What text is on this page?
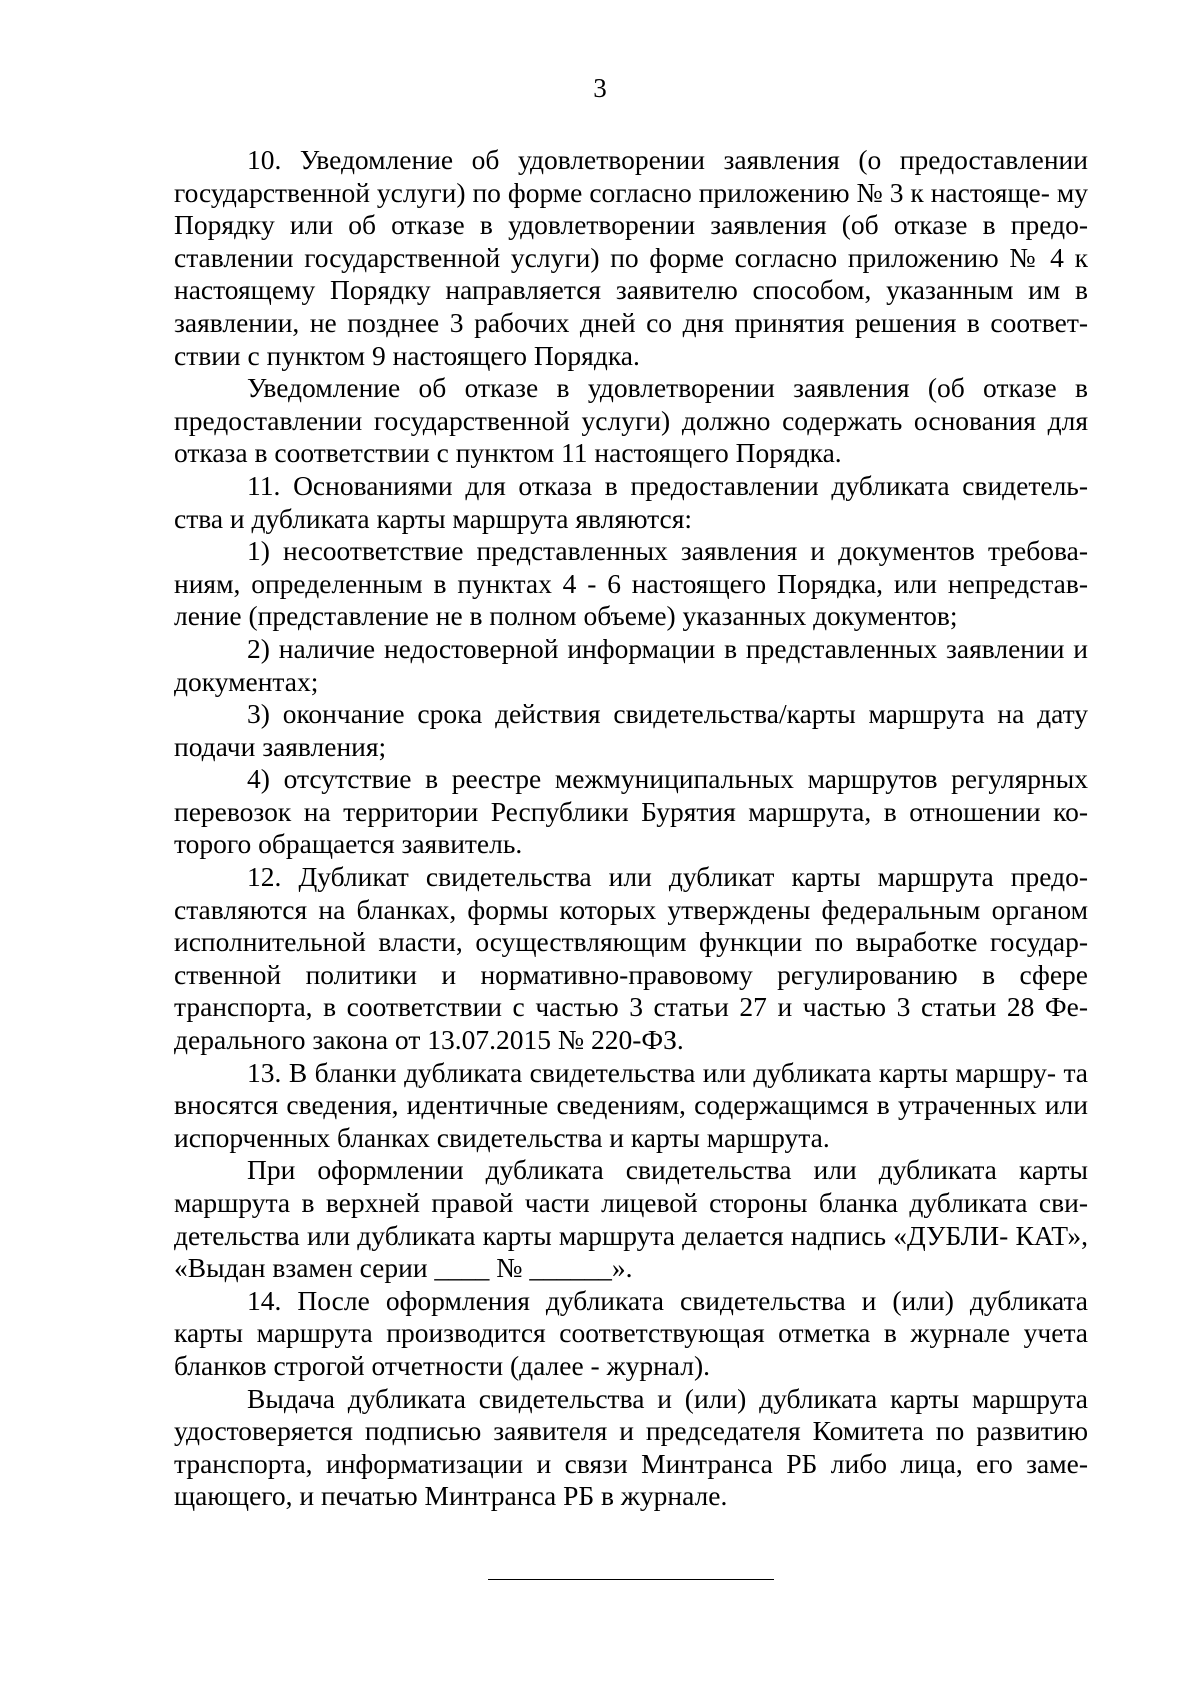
3

10. Уведомление об удовлетворении заявления (о предоставлении государственной услуги) по форме согласно приложению № 3 к настояще- му Порядку или об отказе в удовлетворении заявления (об отказе в предо- ставлении государственной услуги) по форме согласно приложению № 4 к настоящему Порядку направляется заявителю способом, указанным им в заявлении, не позднее 3 рабочих дней со дня принятия решения в соответ- ствии с пунктом 9 настоящего Порядка.

Уведомление об отказе в удовлетворении заявления (об отказе в предоставлении государственной услуги) должно содержать основания для отказа в соответствии с пунктом 11 настоящего Порядка.

11. Основаниями для отказа в предоставлении дубликата свидетель- ства и дубликата карты маршрута являются:

1) несоответствие представленных заявления и документов требова- ниям, определенным в пунктах 4 - 6 настоящего Порядка, или непредстав- ление (представление не в полном объеме) указанных документов;

2) наличие недостоверной информации в представленных заявлении и документах;

3) окончание срока действия свидетельства/карты маршрута на дату подачи заявления;

4) отсутствие в реестре межмуниципальных маршрутов регулярных перевозок на территории Республики Бурятия маршрута, в отношении ко- торого обращается заявитель.

12. Дубликат свидетельства или дубликат карты маршрута предо- ставляются на бланках, формы которых утверждены федеральным органом исполнительной власти, осуществляющим функции по выработке государ- ственной политики и нормативно-правовому регулированию в сфере транспорта, в соответствии с частью 3 статьи 27 и частью 3 статьи 28 Фе- дерального закона от 13.07.2015 № 220-ФЗ.

13. В бланки дубликата свидетельства или дубликата карты маршру- та вносятся сведения, идентичные сведениям, содержащимся в утраченных или испорченных бланках свидетельства и карты маршрута.

При оформлении дубликата свидетельства или дубликата карты маршрута в верхней правой части лицевой стороны бланка дубликата сви- детельства или дубликата карты маршрута делается надпись «ДУБЛИ- КАТ», «Выдан взамен серии ____ № ______».

14. После оформления дубликата свидетельства и (или) дубликата карты маршрута производится соответствующая отметка в журнале учета бланков строгой отчетности (далее - журнал).

Выдача дубликата свидетельства и (или) дубликата карты маршрута удостоверяется подписью заявителя и председателя Комитета по развитию транспорта, информатизации и связи Минтранса РБ либо лица, его заме- щающего, и печатью Минтранса РБ в журнале.
